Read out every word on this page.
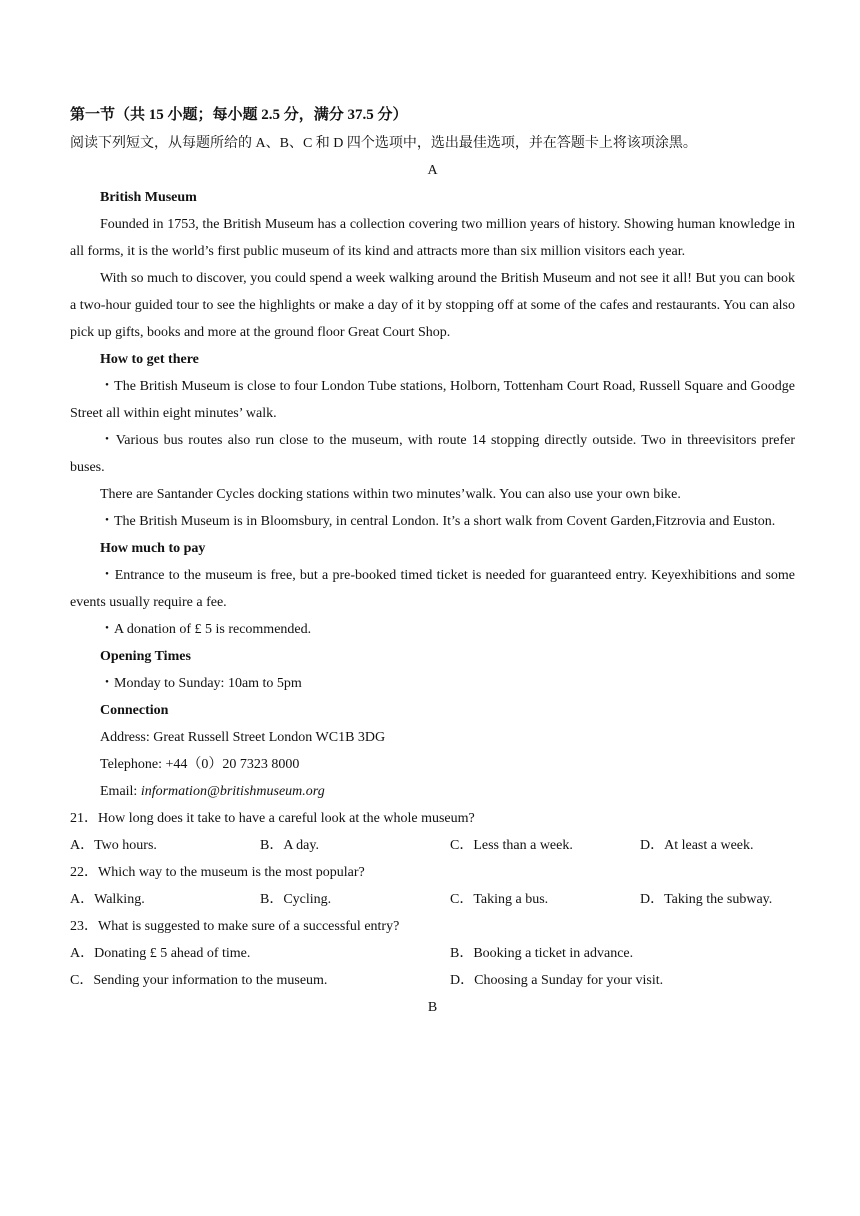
第一节（共 15 小题；每小题 2.5 分，满分 37.5 分）

阅读下列短文，从每题所给的 A、B、C 和 D 四个选项中，选出最佳选项，并在答题卡上将该项涂黑。

A

British Museum

Founded in 1753, the British Museum has a collection covering two million years of history. Showing human knowledge in all forms, it is the world’s first public museum of its kind and attracts more than six million visitors each year.

With so much to discover, you could spend a week walking around the British Museum and not see it all! But you can book a two-hour guided tour to see the highlights or make a day of it by stopping off at some of the cafes and restaurants. You can also pick up gifts, books and more at the ground floor Great Court Shop.

How to get there

・The British Museum is close to four London Tube stations, Holborn, Tottenham Court Road, Russell Square and Goodge Street all within eight minutes’ walk.

・Various bus routes also run close to the museum, with route 14 stopping directly outside. Two in threevisitors prefer buses.

There are Santander Cycles docking stations within two minutes’walk. You can also use your own bike.

・The British Museum is in Bloomsbury, in central London. It’s a short walk from Covent Garden,Fitzrovia and Euston.

How much to pay

・Entrance to the museum is free, but a pre-booked timed ticket is needed for guaranteed entry. Keyexhibitions and some events usually require a fee.

・A donation of £ 5 is recommended.

Opening Times

・Monday to Sunday: 10am to 5pm

Connection

Address: Great Russell Street London WC1B 3DG

Telephone: +44（0）20 7323 8000

Email: information@britishmuseum.org

21．How long does it take to have a careful look at the whole museum?

A．Two hours.	B．A day.	C．Less than a week.	D．At least a week.

22．Which way to the museum is the most popular?

A．Walking.	B．Cycling.	C．Taking a bus.	D．Taking the subway.

23．What is suggested to make sure of a successful entry?

A．Donating £ 5 ahead of time.	B．Booking a ticket in advance.
C．Sending your information to the museum.	D．Choosing a Sunday for your visit.

B
